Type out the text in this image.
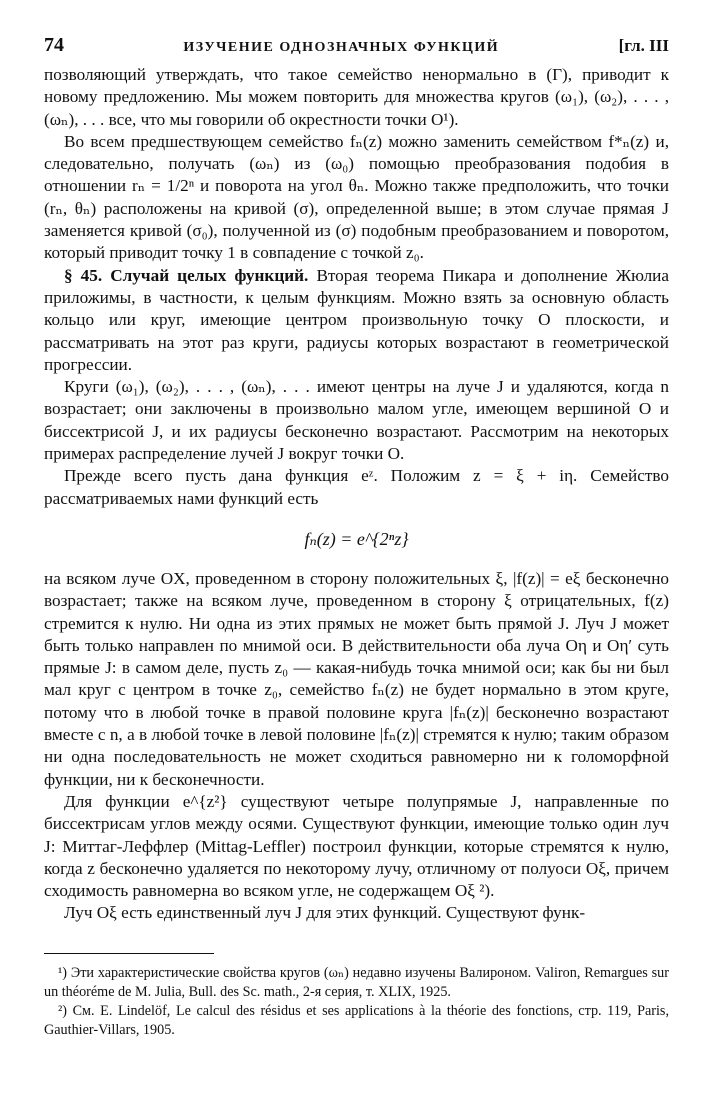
74	ИЗУЧЕНИЕ ОДНОЗНАЧНЫХ ФУНКЦИЙ	[гл. III

позволяющий утверждать, что такое семейство ненормально в (Γ), приводит к новому предложению. Мы можем повторить для множества кругов (ω₁), (ω₂), . . . , (ωₙ), . . . все, что мы говорили об окрестности точки O¹).

Во всем предшествующем семейство fₙ(z) можно заменить семейством f*ₙ(z) и, следовательно, получать (ωₙ) из (ω₀) помощью преобразования подобия в отношении rₙ = 1/2ⁿ и поворота на угол θₙ. Можно также предположить, что точки (rₙ, θₙ) расположены на кривой (σ), определенной выше; в этом случае прямая J заменяется кривой (σ₀), полученной из (σ) подобным преобразованием и поворотом, который приводит точку 1 в совпадение с точкой z₀.

§ 45. Случай целых функций. Вторая теорема Пикара и дополнение Жюлиа приложимы, в частности, к целым функциям. Можно взять за основную область кольцо или круг, имеющие центром произвольную точку O плоскости, и рассматривать на этот раз круги, радиусы которых возрастают в геометрической прогрессии.

Круги (ω₁), (ω₂), . . . , (ωₙ), . . . имеют центры на луче J и удаляются, когда n возрастает; они заключены в произвольно малом угле, имеющем вершиной O и биссектрисой J, и их радиусы бесконечно возрастают. Рассмотрим на некоторых примерах распределение лучей J вокруг точки O.

Прежде всего пусть дана функция eᶻ. Положим z = ξ + iη. Семейство рассматриваемых нами функций есть

fₙ(z) = e^{2ⁿz}

на всяком луче OX, проведенном в сторону положительных ξ, |f(z)| = eξ бесконечно возрастает; также на всяком луче, проведенном в сторону ξ отрицательных, f(z) стремится к нулю. Ни одна из этих прямых не может быть прямой J. Луч J может быть только направлен по мнимой оси. В действительности оба луча Oη и Oη′ суть прямые J: в самом деле, пусть z₀ — какая-нибудь точка мнимой оси; как бы ни был мал круг с центром в точке z₀, семейство fₙ(z) не будет нормально в этом круге, потому что в любой точке в правой половине круга |fₙ(z)| бесконечно возрастают вместе с n, а в любой точке в левой половине |fₙ(z)| стремятся к нулю; таким образом ни одна последовательность не может сходиться равномерно ни к голоморфной функции, ни к бесконечности.

Для функции e^{z²} существуют четыре полупрямые J, направленные по биссектрисам углов между осями. Существуют функции, имеющие только один луч J: Миттаг-Леффлер (Mittag-Leffler) построил функции, которые стремятся к нулю, когда z бесконечно удаляется по некоторому лучу, отличному от полуоси Oξ, причем сходимость равномерна во всяком угле, не содержащем Oξ ²).

Луч Oξ есть единственный луч J для этих функций. Существуют функ-

¹) Эти характеристические свойства кругов (ωₙ) недавно изучены Валироном. Valiron, Remargues sur un théoréme de M. Julia, Bull. des Sc. math., 2-я серия, т. XLIX, 1925.

²) См. E. Lindelöf, Le calcul des résidus et ses applications à la théorie des fonctions, стр. 119, Paris, Gauthier-Villars, 1905.
